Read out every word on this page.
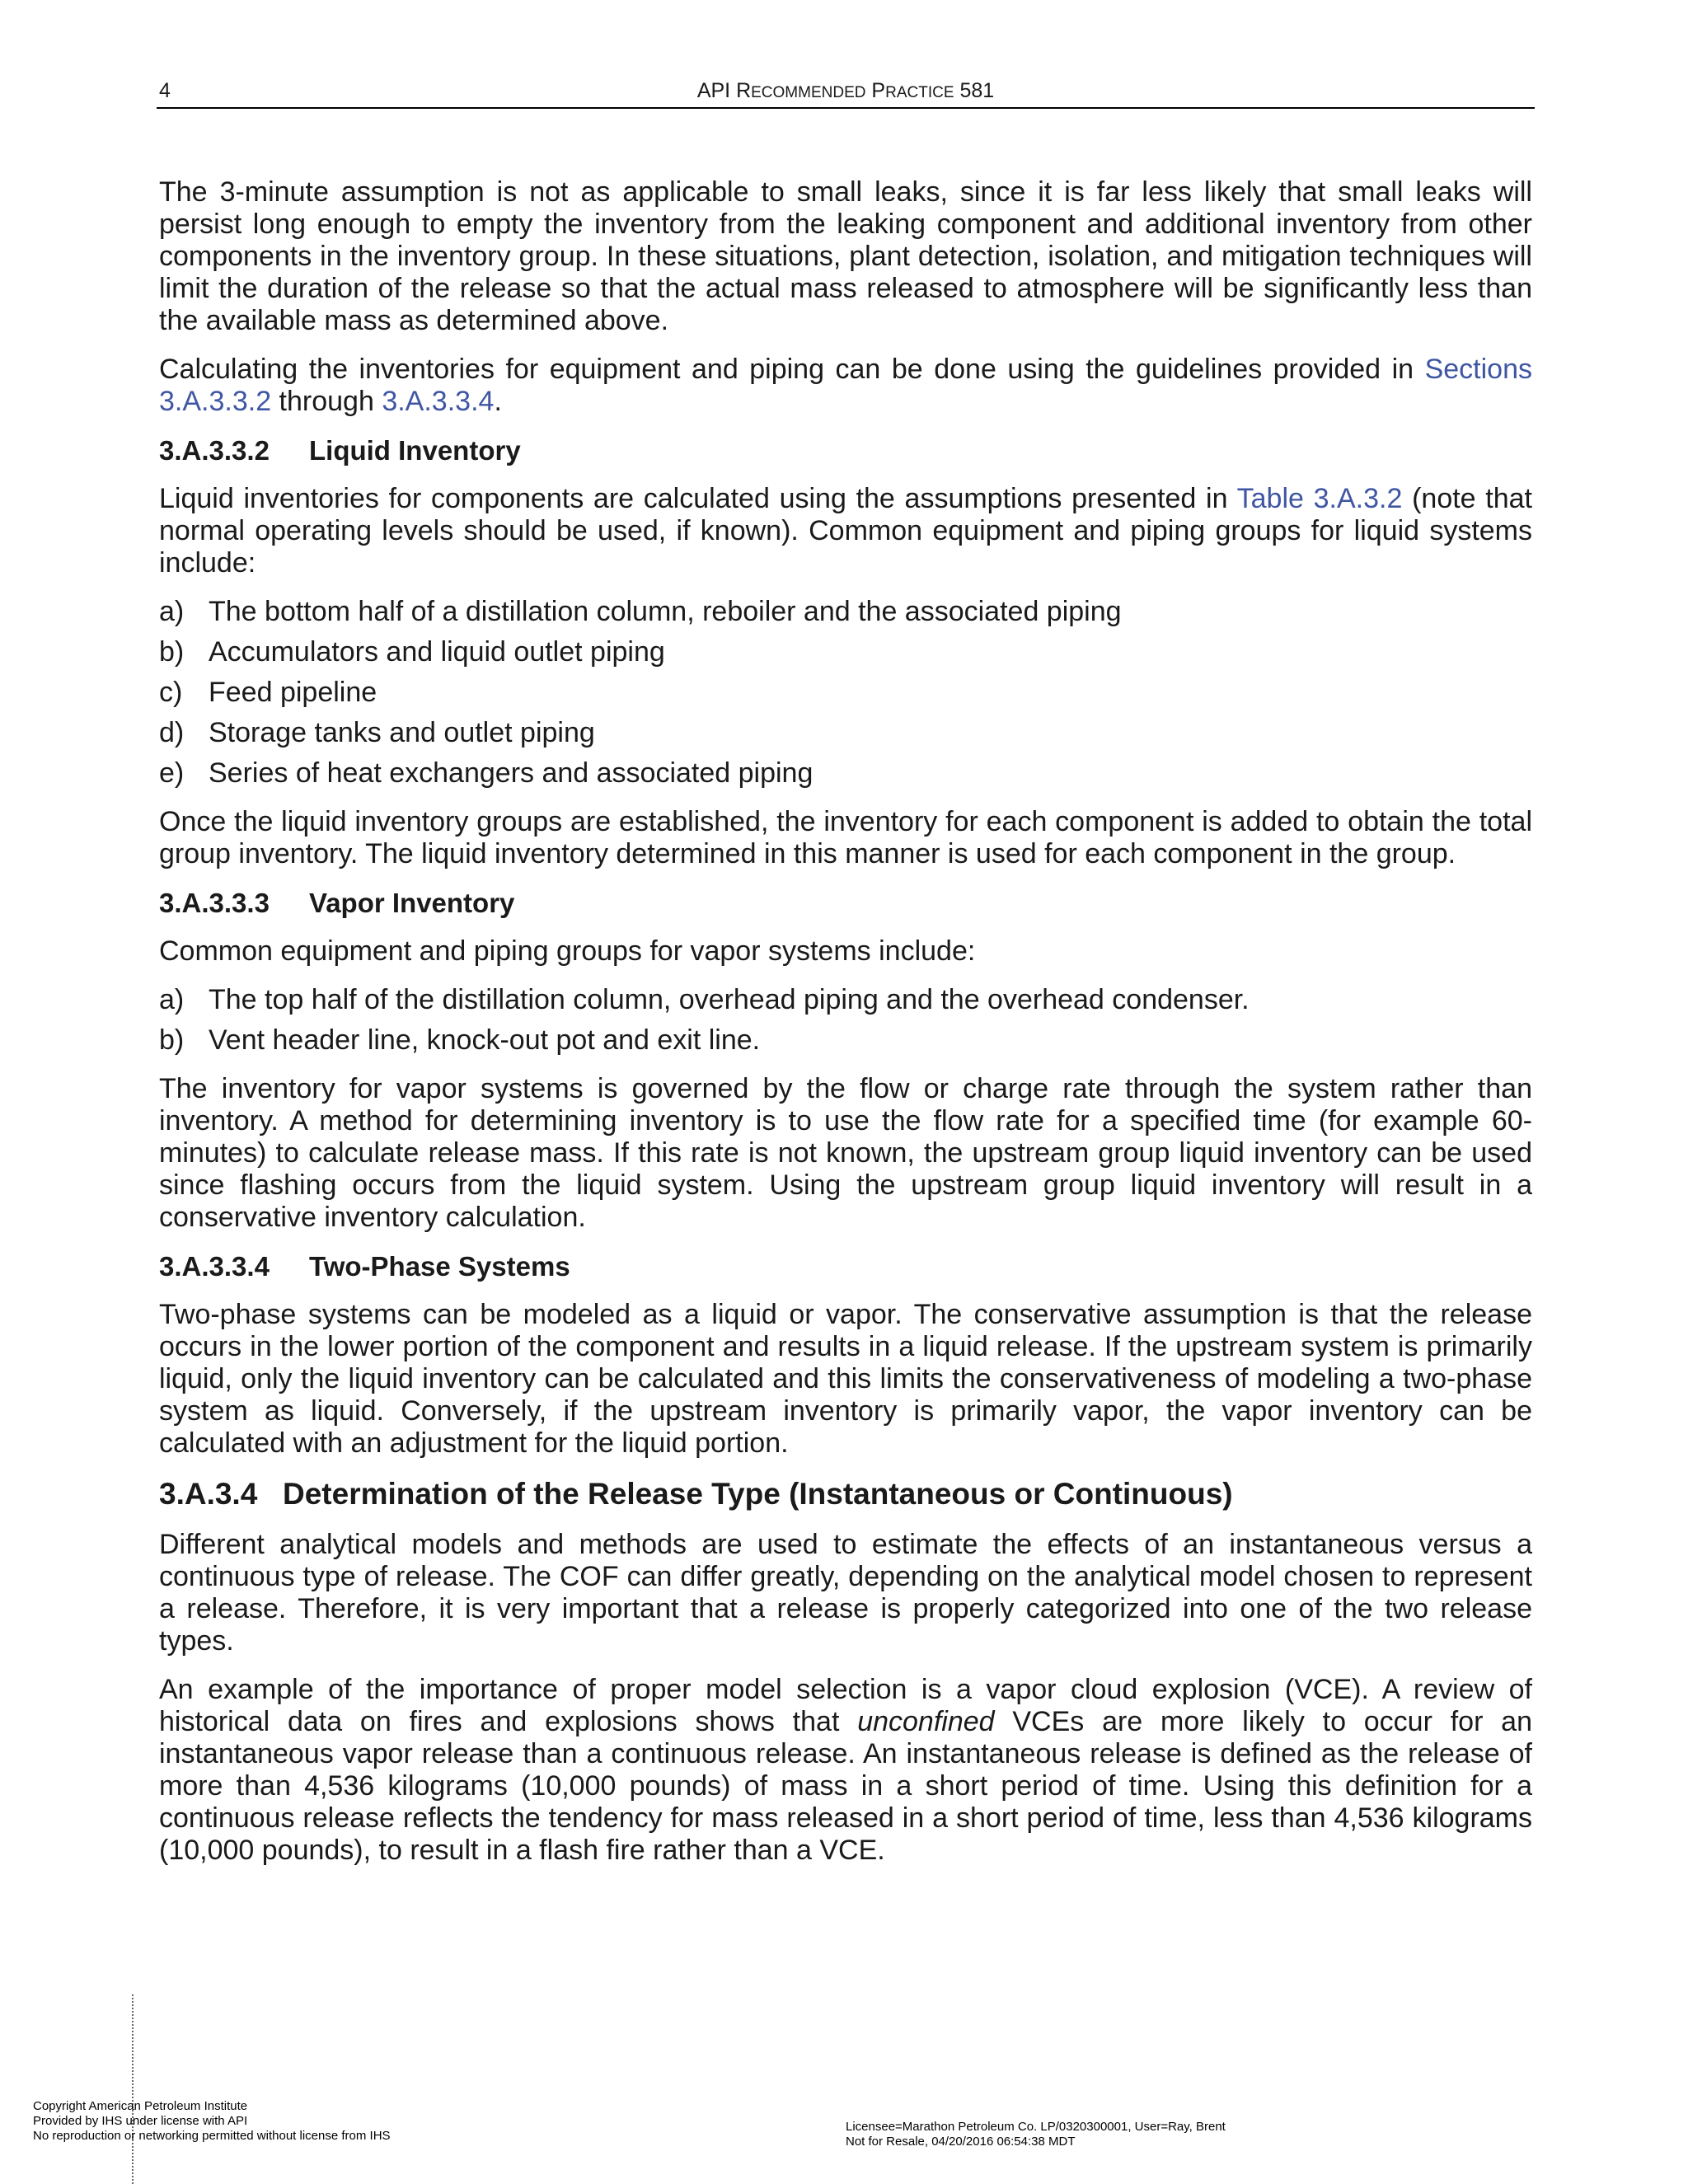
4	API RECOMMENDED PRACTICE 581

The 3-minute assumption is not as applicable to small leaks, since it is far less likely that small leaks will persist long enough to empty the inventory from the leaking component and additional inventory from other components in the inventory group. In these situations, plant detection, isolation, and mitigation techniques will limit the duration of the release so that the actual mass released to atmosphere will be significantly less than the available mass as determined above.

Calculating the inventories for equipment and piping can be done using the guidelines provided in Sections 3.A.3.3.2 through 3.A.3.3.4.

3.A.3.3.2 Liquid Inventory

Liquid inventories for components are calculated using the assumptions presented in Table 3.A.3.2 (note that normal operating levels should be used, if known). Common equipment and piping groups for liquid systems include:

a) The bottom half of a distillation column, reboiler and the associated piping
b) Accumulators and liquid outlet piping
c) Feed pipeline
d) Storage tanks and outlet piping
e) Series of heat exchangers and associated piping

Once the liquid inventory groups are established, the inventory for each component is added to obtain the total group inventory. The liquid inventory determined in this manner is used for each component in the group.

3.A.3.3.3 Vapor Inventory

Common equipment and piping groups for vapor systems include:

a) The top half of the distillation column, overhead piping and the overhead condenser.
b) Vent header line, knock-out pot and exit line.

The inventory for vapor systems is governed by the flow or charge rate through the system rather than inventory. A method for determining inventory is to use the flow rate for a specified time (for example 60-minutes) to calculate release mass. If this rate is not known, the upstream group liquid inventory can be used since flashing occurs from the liquid system. Using the upstream group liquid inventory will result in a conservative inventory calculation.

3.A.3.3.4 Two-Phase Systems

Two-phase systems can be modeled as a liquid or vapor. The conservative assumption is that the release occurs in the lower portion of the component and results in a liquid release. If the upstream system is primarily liquid, only the liquid inventory can be calculated and this limits the conservativeness of modeling a two-phase system as liquid. Conversely, if the upstream inventory is primarily vapor, the vapor inventory can be calculated with an adjustment for the liquid portion.

3.A.3.4 Determination of the Release Type (Instantaneous or Continuous)

Different analytical models and methods are used to estimate the effects of an instantaneous versus a continuous type of release. The COF can differ greatly, depending on the analytical model chosen to represent a release. Therefore, it is very important that a release is properly categorized into one of the two release types.

An example of the importance of proper model selection is a vapor cloud explosion (VCE). A review of historical data on fires and explosions shows that unconfined VCEs are more likely to occur for an instantaneous vapor release than a continuous release. An instantaneous release is defined as the release of more than 4,536 kilograms (10,000 pounds) of mass in a short period of time. Using this definition for a continuous release reflects the tendency for mass released in a short period of time, less than 4,536 kilograms (10,000 pounds), to result in a flash fire rather than a VCE.

Copyright American Petroleum Institute
Provided by IHS under license with API
No reproduction or networking permitted without license from IHS
Licensee=Marathon Petroleum Co. LP/0320300001, User=Ray, Brent
Not for Resale, 04/20/2016 06:54:38 MDT
